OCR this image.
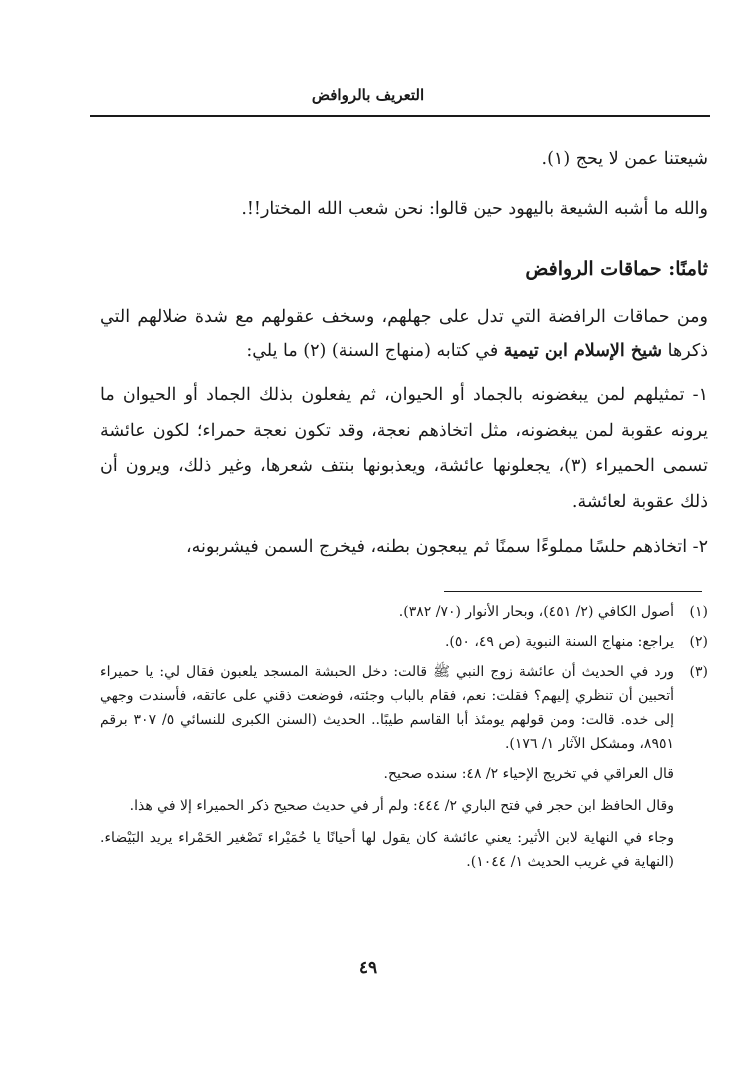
التعريف بالروافض
شيعتنا عمن لا يحج (١).
والله ما أشبه الشيعة باليهود حين قالوا: نحن شعب الله المختار!!.
ثامنًا: حماقات الروافض
ومن حماقات الرافضة التي تدل على جهلهم، وسخف عقولهم مع شدة ضلالهم التي ذكرها شيخ الإسلام ابن تيمية في كتابه (منهاج السنة) (٢) ما يلي:
١- تمثيلهم لمن يبغضونه بالجماد أو الحيوان، ثم يفعلون بذلك الجماد أو الحيوان ما يرونه عقوبة لمن يبغضونه، مثل اتخاذهم نعجة، وقد تكون نعجة حمراء؛ لكون عائشة تسمى الحميراء (٣)، يجعلونها عائشة، ويعذبونها بنتف شعرها، وغير ذلك، ويرون أن ذلك عقوبة لعائشة.
٢- اتخاذهم حلسًا مملوءًا سمنًا ثم يبعجون بطنه، فيخرج السمن فيشربونه،
(١)
أصول الكافي (٢/ ٤٥١)، وبحار الأنوار (٧٠/ ٣٨٢).
(٢)
يراجع: منهاج السنة النبوية (ص ٤٩، ٥٠).
(٣)
ورد في الحديث أن عائشة زوج النبي ﷺ قالت: دخل الحبشة المسجد يلعبون فقال لي: يا حميراء أتحبين أن تنظري إليهم؟ فقلت: نعم، فقام بالباب وجئته، فوضعت ذقني على عاتقه، فأسندت وجهي إلى خده. قالت: ومن قولهم يومئذ أبا القاسم طيبًا.. الحديث (السنن الكبرى للنسائي ٥/ ٣٠٧ برقم ٨٩٥١، ومشكل الآثار ١/ ١٧٦).
قال العراقي في تخريج الإحياء ٢/ ٤٨: سنده صحيح.
وقال الحافظ ابن حجر في فتح الباري ٢/ ٤٤٤: ولم أر في حديث صحيح ذكر الحميراء إلا في هذا.
وجاء في النهاية لابن الأثير: يعني عائشة كان يقول لها أحيانًا يا حُمَيْراء تَصْغير الحَمْراء يريد البَيْضاء. (النهاية في غريب الحديث ١/ ١٠٤٤).
٤٩
